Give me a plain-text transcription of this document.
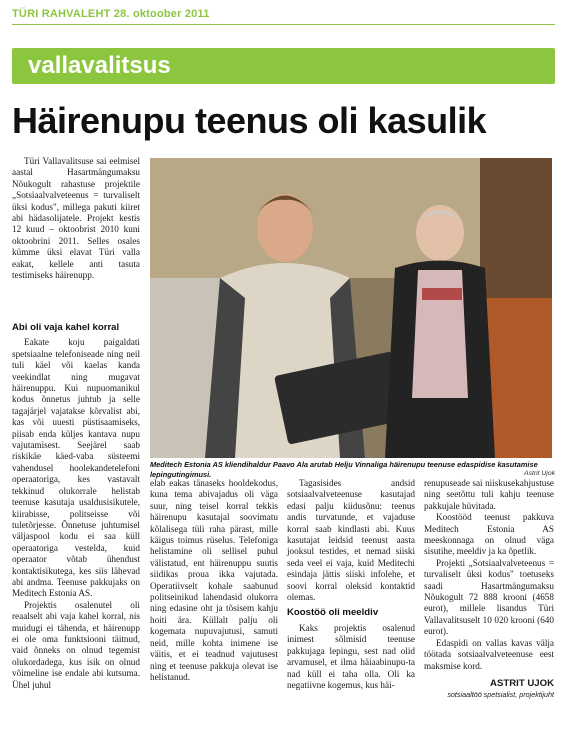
TÜRI RAHVALEHT 28. oktoober 2011
vallavalitsus
Häirenupu teenus oli kasulik

Türi Vallavalitsuse sai eelmisel aastal Hasartmängumaksu Nõukogult rahastuse projektile „Sotsiaalvalveteenus = turvaliselt üksi kodus", millega pakuti kiiret abi hädasolijatele. Projekt kestis 12 kuud – oktoobrist 2010 kuni oktoobrini 2011. Selles osales kümme üksi elavat Türi valla eakat, kellele anti tasuta testimiseks häirenupp.

Abi oli vaja kahel korral

Eakate koju paigaldati spetsiaalne telefoniseade ning neil tuli käel või kaelas kanda veekindlat ning mugavat häirenuppu. Kui nupuomanikul kodus õnnetus juhtub ja selle tagajärjel vajatakse kõrvalist abi, kas või uuesti püstisaamiseks, piisab enda küljes kantava nupu vajutamisest. Seejärel saab riskikäe käed-vaba süsteemi vahendusel hoolekandetelefoni operaatoriga, kes vastavalt tekkinud olukorrale helistab teenuse kasutaja usaldusisikutele, kiirabisse, politseisse või tuletõrjesse. Õnnetuse juhtumisel väljaspool kodu ei saa küll operaatoriga vestelda, kuid operaator võtab ühendust kontaktisikutega, kes siis lähevad abi andma. Teenuse pakkujaks on Meditech Estonia AS.

Projektis osalenutel oli reaalselt abi vaja kahel korral, nis muidugi ei tähenda, et häirenupp ei ole oma funktsiooni täitnud, vaid õnneks on olnud tegemist olukordadega, kus isik on olnud võimeline ise endale abi kutsuma. Ühel juhul

Meditech Estonia AS kliendihaldur Paavo Ala arutab Helju Vinnaliga häirenupu teenuse edaspidise kasutamise lepingutingimusi.	Astrit Ujok

elab eakas tänaseks hooldekodus, kuna tema abivajadus oli väga suur, ning teisel korral tekkis häirenupu kasutajal soovimatu kõlalisega tüli raha pärast, mille käigus toimus rüselus. Telefoniga helistamine oli sellisel puhul välistatud, ent häirenuppu suutis siidikas proua ikka vajutada. Operatiivselt kohale saabunud politseinikud lahendasid olukorra ning edasine oht ja tõsisem kahju hoiti ära. Küllalt palju oli kogemata nupuvajutusi, samuti neid, mille kohta inimene ise väitis, et ei teadnud vajutusest ning et teenuse pakkuja olevat ise helistanud.

Tagasisides andsid sotsiaalvalveteenuse kasutajad edasi palju kiidusõnu: teenus andis turvatunde, et vajaduse korral saab kindlasti abi. Kuus kasutajat leidsid teenust aasta jooksul testides, et nemad siiski seda veel ei vaja, kuid Meditechi esindaja jättis siiski infolehe, et soovi korral oleksid kontaktid olemas.

Koostöö oli meeldiv

Kaks projektis osalenud inimest sõlmisid teenuse pakkujaga lepingu, sest nad olid arvamusel, et ilma häiaabinupu-ta nad küll ei taha olla. Oli ka negatiivne kogemus, kus häi-

renupuseade sai niiskusekahjustuse ning seetõttu tuli kahju teenuse pakkujale hüvitada.

Koostööd teenust pakkuva Meditech Estonia AS meeskonnaga on olnud väga sisutihe, meeldiv ja ka õpetlik.

Projekti „Sotsiaalvalveteenus = turvaliselt üksi kodus" toetuseks saadi Hasartmängumaksu Nõukogult 72 888 krooni (4658 eurot), millele lisandus Türi Vallavalitsuselt 10 020 krooni (640 eurot).

Edaspidi on vallas kavas välja töötada sotsiaalvalveteenuse eest maksmise kord.

ASTRIT UJOK
sotsiaaltöö spetsialist, projektijuht
